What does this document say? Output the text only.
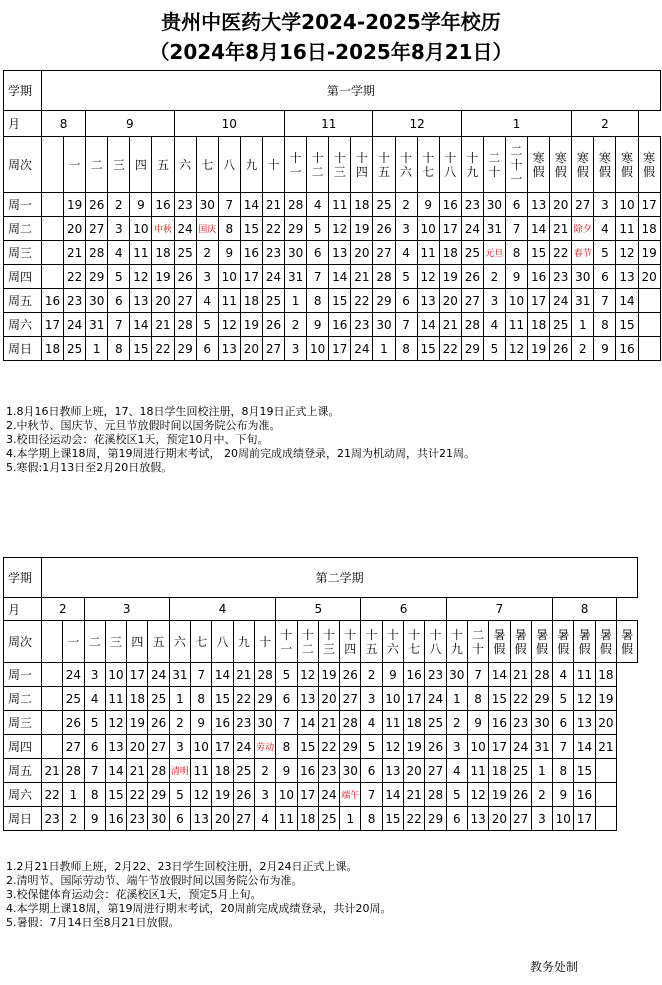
贵州中医药大学2024-2025学年校历
（2024年8月16日-2025年8月21日）
学期	第一学期																											
月	8		9				10					11				12				1					2			
周次		一	二	三	四	五	六	七	八	九	十	十一	十二	十三	十四	十五	十六	十七	十八	十九	二十	二十一	寒假	寒假	寒假	寒假	寒假	寒假
周一		19	26	2	9	16	23	30	7	14	21	28	4	11	18	25	2	9	16	23	30	6	13	20	27	3	10	17
周二		20	27	3	10	中秋	24	国庆	8	15	22	29	5	12	19	26	3	10	17	24	31	7	14	21	除夕	4	11	18
周三		21	28	4	11	18	25	2	9	16	23	30	6	13	20	27	4	11	18	25	元旦	8	15	22	春节	5	12	19
周四		22	29	5	12	19	26	3	10	17	24	31	7	14	21	28	5	12	19	26	2	9	16	23	30	6	13	20
周五	16	23	30	6	13	20	27	4	11	18	25	1	8	15	22	29	6	13	20	27	3	10	17	24	31	7	14	
周六	17	24	31	7	14	21	28	5	12	19	26	2	9	16	23	30	7	14	21	28	4	11	18	25	1	8	15	
周日	18	25	1	8	15	22	29	6	13	20	27	3	10	17	24	1	8	15	22	29	5	12	19	26	2	9	16	
1.8月16日教师上班，17、18日学生回校注册，8月19日正式上课。
2.中秋节、国庆节、元旦节放假时间以国务院公布为准。
3.校田径运动会：花溪校区1天，预定10月中、下旬。
4.本学期上课18周，第19周进行期末考试， 20周前完成成绩登录，21周为机动周，共计21周。
5.寒假:1月13日至2月20日放假。
学期	第二学期																											
月	2		3				4					5				6				7					8			
周次		一	二	三	四	五	六	七	八	九	十	十一	十二	十三	十四	十五	十六	十七	十八	十九	二十	暑假	暑假	暑假	暑假	暑假	暑假	暑假
周一		24	3	10	17	24	31	7	14	21	28	5	12	19	26	2	9	16	23	30	7	14	21	28	4	11	18	
周二		25	4	11	18	25	1	8	15	22	29	6	13	20	27	3	10	17	24	1	8	15	22	29	5	12	19	
周三		26	5	12	19	26	2	9	16	23	30	7	14	21	28	4	11	18	25	2	9	16	23	30	6	13	20	
周四		27	6	13	20	27	3	10	17	24	劳动	8	15	22	29	5	12	19	26	3	10	17	24	31	7	14	21	
周五	21	28	7	14	21	28	清明	11	18	25	2	9	16	23	30	6	13	20	27	4	11	18	25	1	8	15		
周六	22	1	8	15	22	29	5	12	19	26	3	10	17	24	端午	7	14	21	28	5	12	19	26	2	9	16		
周日	23	2	9	16	23	30	6	13	20	27	4	11	18	25	1	8	15	22	29	6	13	20	27	3	10	17		
1.2月21日教师上班，2月22、23日学生回校注册，2月24日正式上课。
2.清明节、国际劳动节、端午节放假时间以国务院公布为准。
3.校保健体育运动会：花溪校区1天，预定5月上旬。
4.本学期上课18周，第19周进行期末考试，20周前完成成绩登录，共计20周。
5.暑假：7月14日至8月21日放假。
教务处制
